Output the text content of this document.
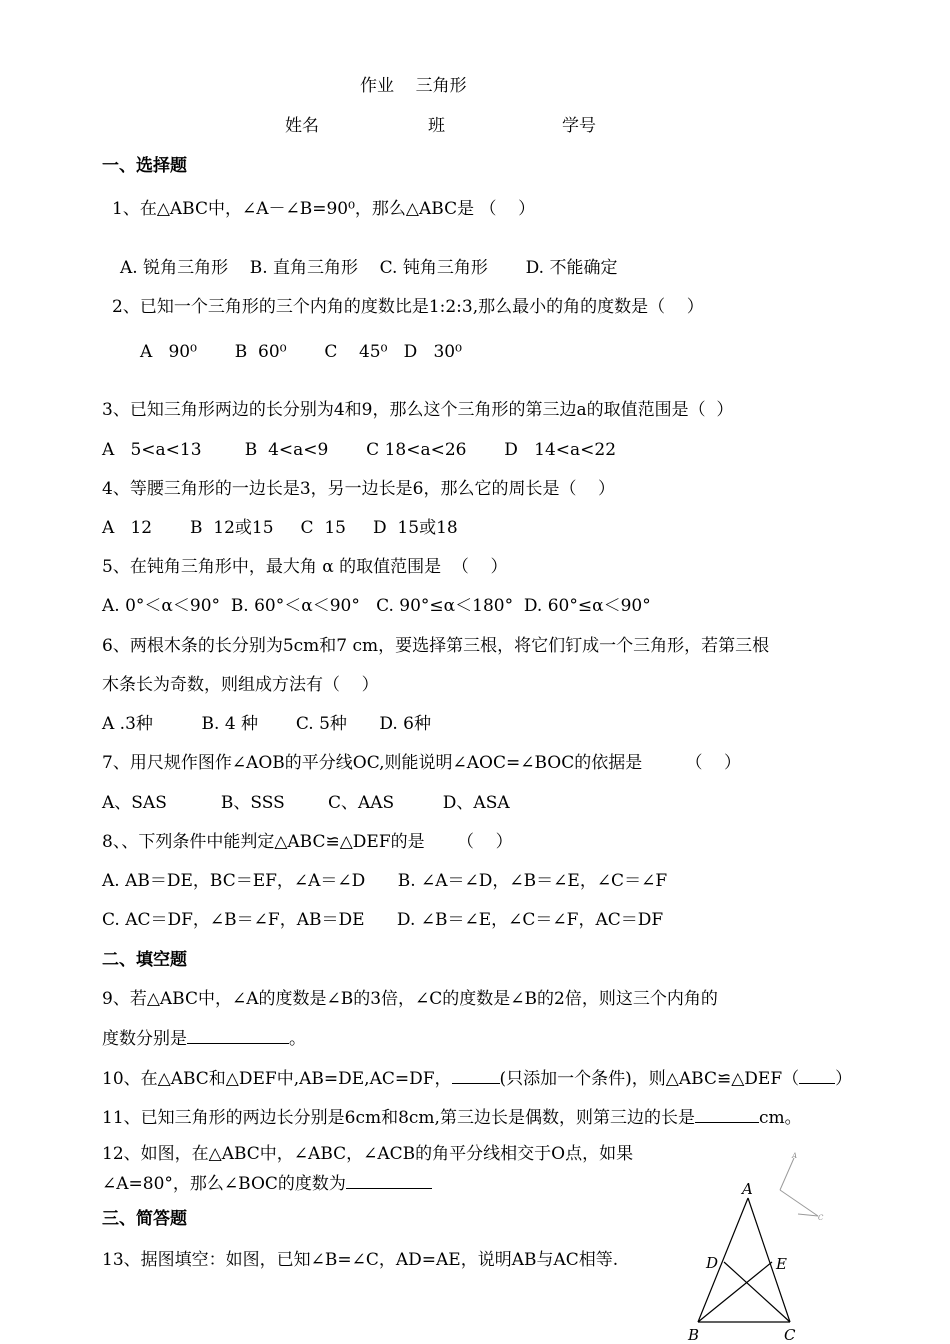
作业    三角形
姓名	班	学号
一、选择题
1、在△ABC中，∠A－∠B=90⁰，那么△ABC是 （    ）
A. 锐角三角形    B. 直角三角形    C. 钝角三角形       D. 不能确定
2、已知一个三角形的三个内角的度数比是1:2:3,那么最小的角的度数是（    ）
A   90⁰       B  60⁰       C    45⁰   D   30⁰
3、已知三角形两边的长分别为4和9，那么这个三角形的第三边a的取值范围是（  ）
A   5<a<13        B  4<a<9       C 18<a<26       D   14<a<22
4、等腰三角形的一边长是3，另一边长是6，那么它的周长是（    ）
A   12       B  12或15     C  15     D  15或18
5、在钝角三角形中，最大角 α 的取值范围是  （    ）
A. 0°＜α＜90°  B. 60°＜α＜90°   C. 90°≤α＜180°  D. 60°≤α＜90°
6、两根木条的长分别为5cm和7 cm，要选择第三根，将它们钉成一个三角形，若第三根
木条长为奇数，则组成方法有（    ）
A .3种         B. 4 种       C. 5种      D. 6种
7、用尺规作图作∠AOB的平分线OC,则能说明∠AOC=∠BOC的依据是        （    ）
A、SAS          B、SSS        C、AAS         D、ASA
8、、下列条件中能判定△ABC≌△DEF的是      （    ）
A. AB＝DE，BC＝EF，∠A＝∠D      B. ∠A＝∠D，∠B＝∠E，∠C＝∠F
C. AC＝DF，∠B＝∠F，AB＝DE      D. ∠B＝∠E，∠C＝∠F，AC＝DF
二、填空题
9、若△ABC中，∠A的度数是∠B的3倍，∠C的度数是∠B的2倍，则这三个内角的
度数分别是	。
10、在△ABC和△DEF中,AB=DE,AC=DF，	(只添加一个条件)，则△ABC≌△DEF（ ）
11、已知三角形的两边长分别是6cm和8cm,第三边长是偶数，则第三边的长是	cm。
12、如图，在△ABC中，∠ABC，∠ACB的角平分线相交于O点，如果
∠A=80°，那么∠BOC的度数为
三、简答题
13、据图填空：如图，已知∠B=∠C，AD=AE，说明AB与AC相等.
A
C
A
B	C
D	E
